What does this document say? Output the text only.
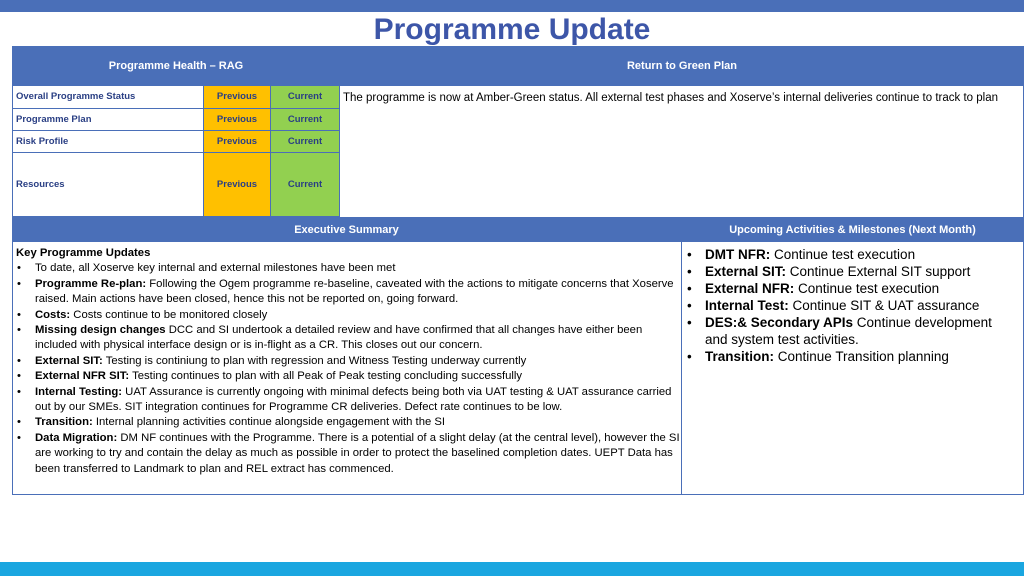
Programme Update
Programme Health – RAG	Return to Green Plan
Overall Programme Status	Previous	Current
Programme Plan	Previous	Current
Risk Profile	Previous	Current
Resources	Previous	Current
The programme is now at Amber-Green status. All external test phases and Xoserve’s internal deliveries continue to track to plan
Executive Summary	Upcoming Activities & Milestones (Next Month)
Key Programme Updates
• To date, all Xoserve key internal and external milestones have been met
• Programme Re-plan: Following the Ogem programme re-baseline, caveated with the actions to mitigate concerns that Xoserve raised. Main actions have been closed, hence this not be reported on, going forward.
• Costs: Costs continue to be monitored closely
• Missing design changes DCC and SI undertook a detailed review and have confirmed that all changes have either been included with physical interface design or is in-flight as a CR. This closes out our concern.
• External SIT: Testing is continiung to plan with regression and Witness Testing underway currently
• External NFR SIT: Testing continues to plan with all Peak of Peak testing concluding successfully
• Internal Testing: UAT Assurance is currently ongoing with minimal defects being both via UAT testing & UAT assurance carried out by our SMEs. SIT integration continues for Programme CR deliveries. Defect rate continues to be low.
• Transition: Internal planning activities continue alongside engagement with the SI
• Data Migration: DM NF continues with the Programme. There is a potential of a slight delay (at the central level), however the SI are working to try and contain the delay as much as possible in order to protect the baselined completion dates. UEPT Data has been transferred to Landmark to plan and REL extract has commenced.
• DMT NFR: Continue test execution
• External SIT: Continue External SIT support
• External NFR: Continue test execution
• Internal Test: Continue SIT & UAT assurance
• DES:& Secondary APIs Continue development and system test activities.
• Transition: Continue Transition planning
